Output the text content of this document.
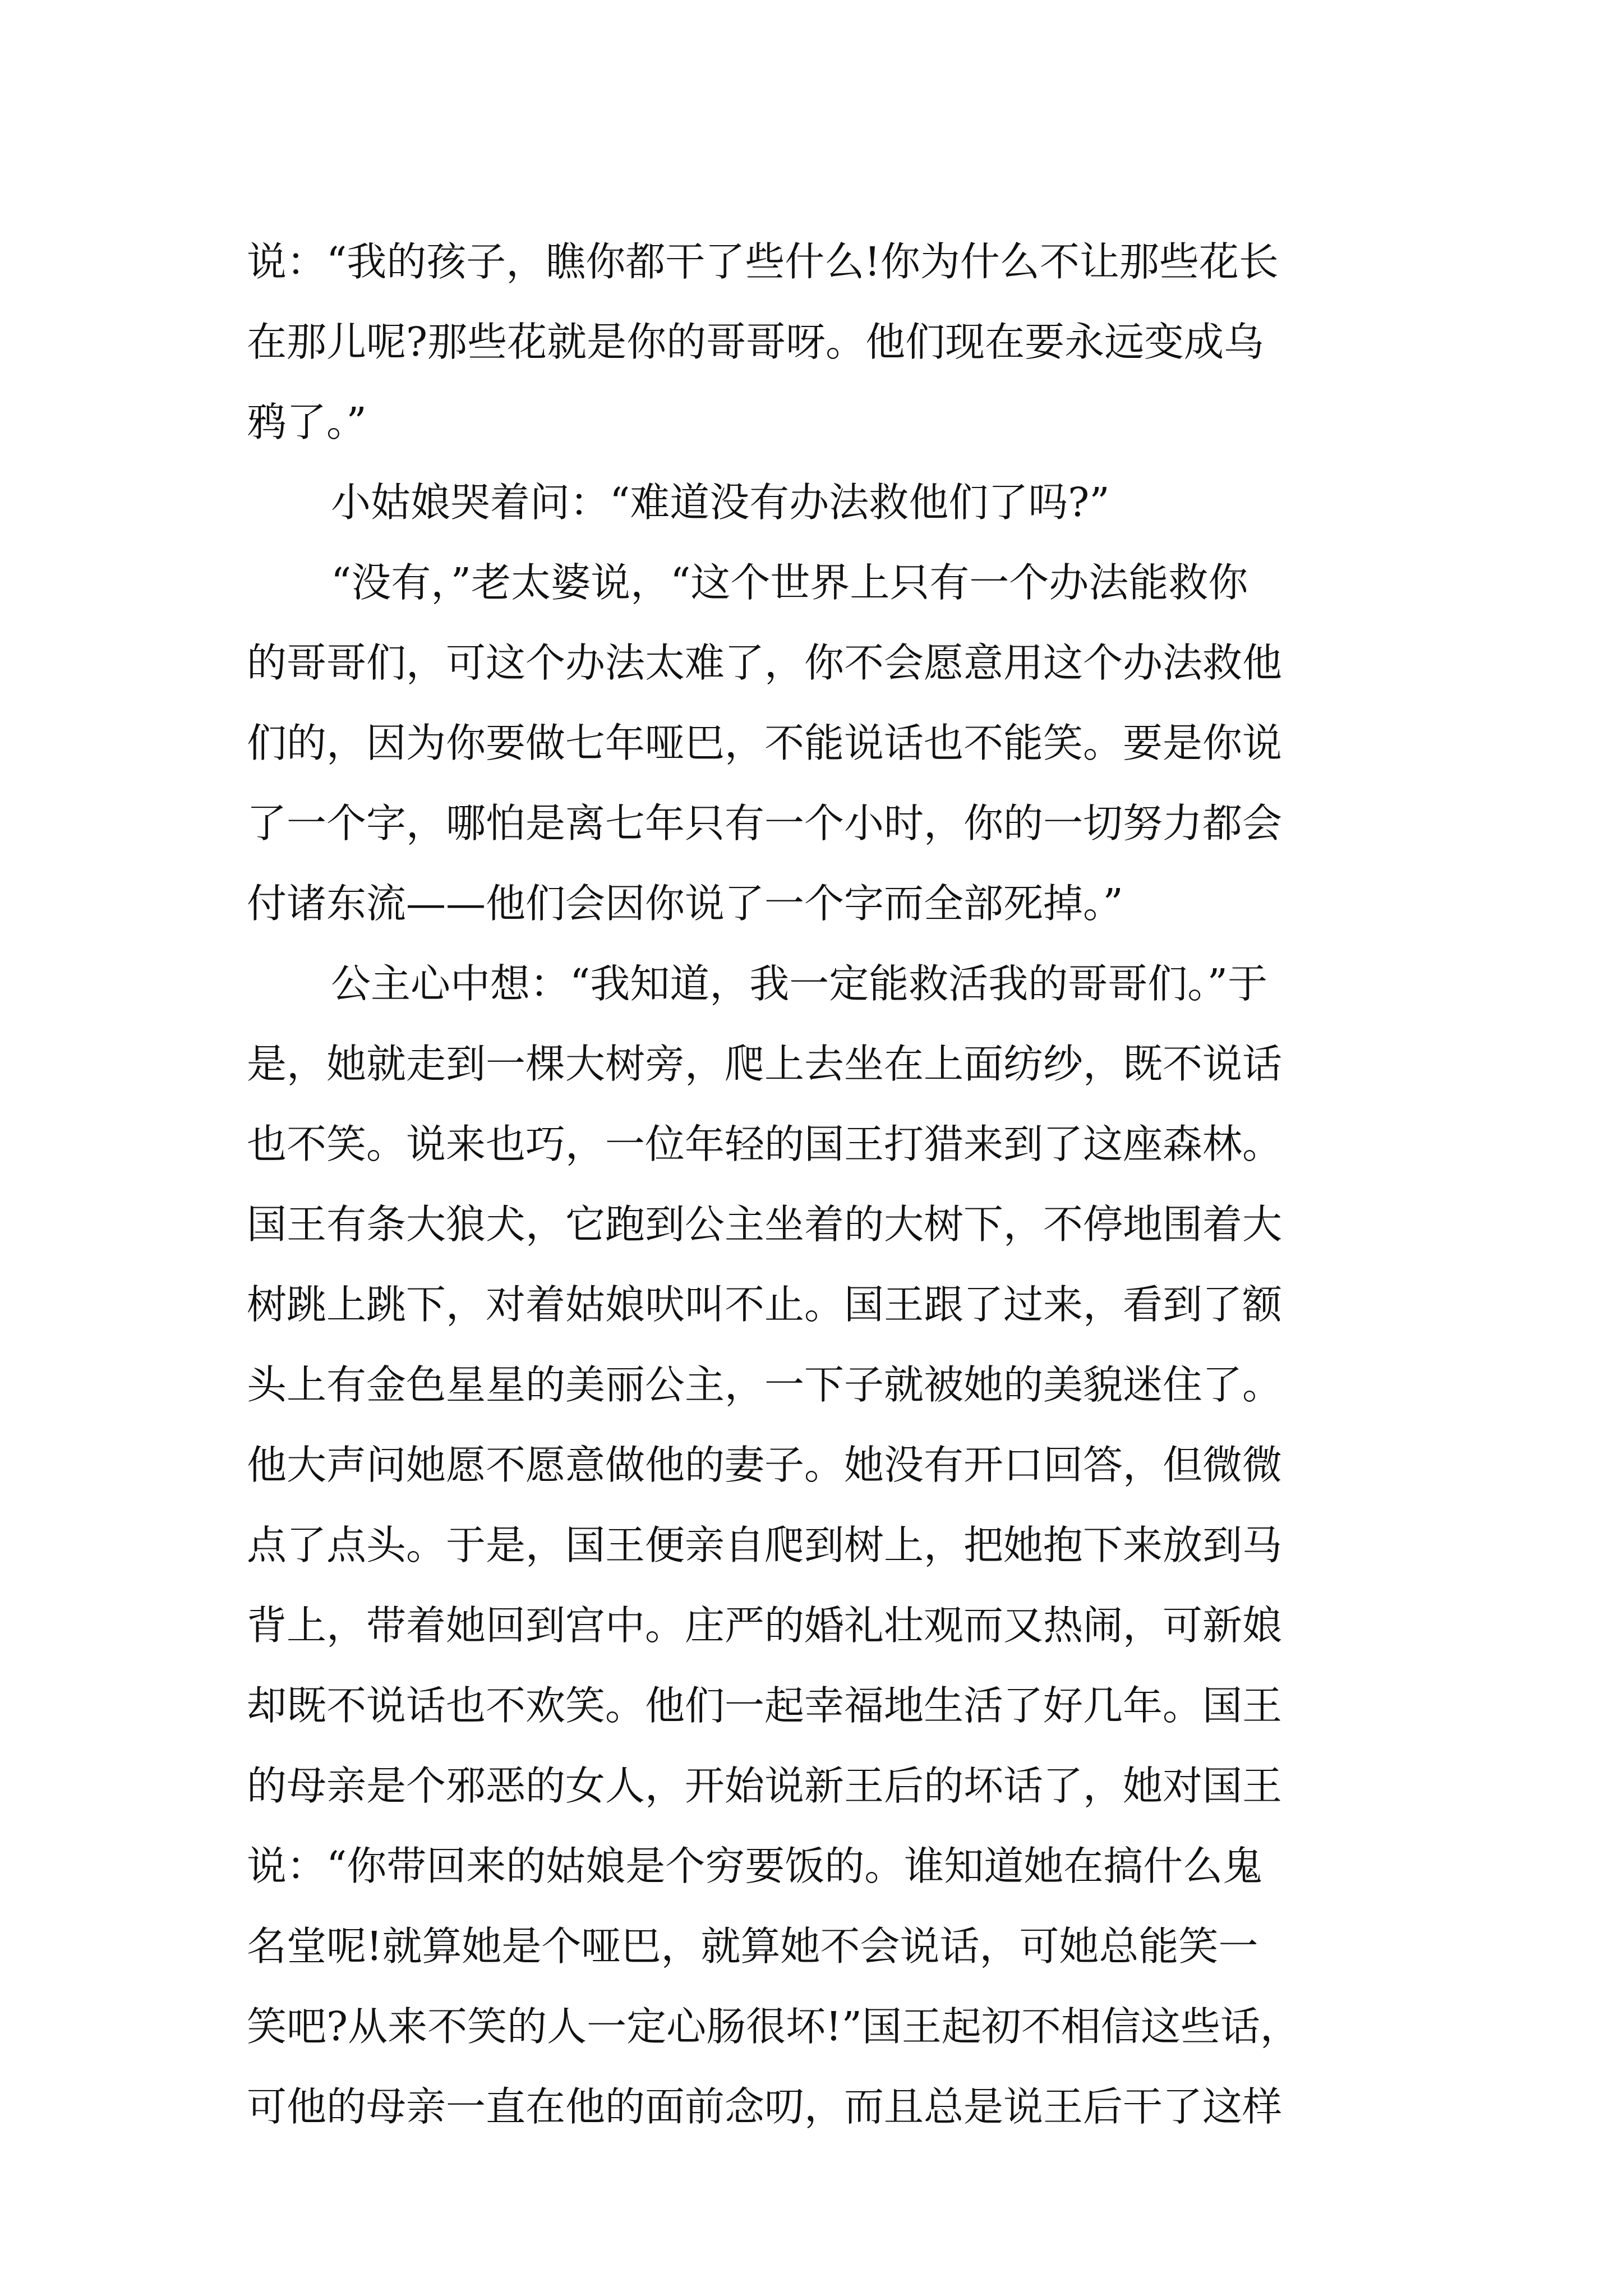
说：“我的孩子，瞧你都干了些什么!你为什么不让那些花长
在那儿呢?那些花就是你的哥哥呀。他们现在要永远变成乌
鸦了。”
小姑娘哭着问：“难道没有办法救他们了吗?”
“没有，”老太婆说，“这个世界上只有一个办法能救你
的哥哥们，可这个办法太难了，你不会愿意用这个办法救他
们的，因为你要做七年哑巴，不能说话也不能笑。要是你说
了一个字，哪怕是离七年只有一个小时，你的一切努力都会
付诸东流——他们会因你说了一个字而全部死掉。”
公主心中想：“我知道，我一定能救活我的哥哥们。”于
是，她就走到一棵大树旁，爬上去坐在上面纺纱，既不说话
也不笑。说来也巧，一位年轻的国王打猎来到了这座森林。
国王有条大狼犬，它跑到公主坐着的大树下，不停地围着大
树跳上跳下，对着姑娘吠叫不止。国王跟了过来，看到了额
头上有金色星星的美丽公主，一下子就被她的美貌迷住了。
他大声问她愿不愿意做他的妻子。她没有开口回答，但微微
点了点头。于是，国王便亲自爬到树上，把她抱下来放到马
背上，带着她回到宫中。庄严的婚礼壮观而又热闹，可新娘
却既不说话也不欢笑。他们一起幸福地生活了好几年。国王
的母亲是个邪恶的女人，开始说新王后的坏话了，她对国王
说：“你带回来的姑娘是个穷要饭的。谁知道她在搞什么鬼
名堂呢!就算她是个哑巴，就算她不会说话，可她总能笑一
笑吧?从来不笑的人一定心肠很坏!”国王起初不相信这些话，
可他的母亲一直在他的面前念叨，而且总是说王后干了这样
